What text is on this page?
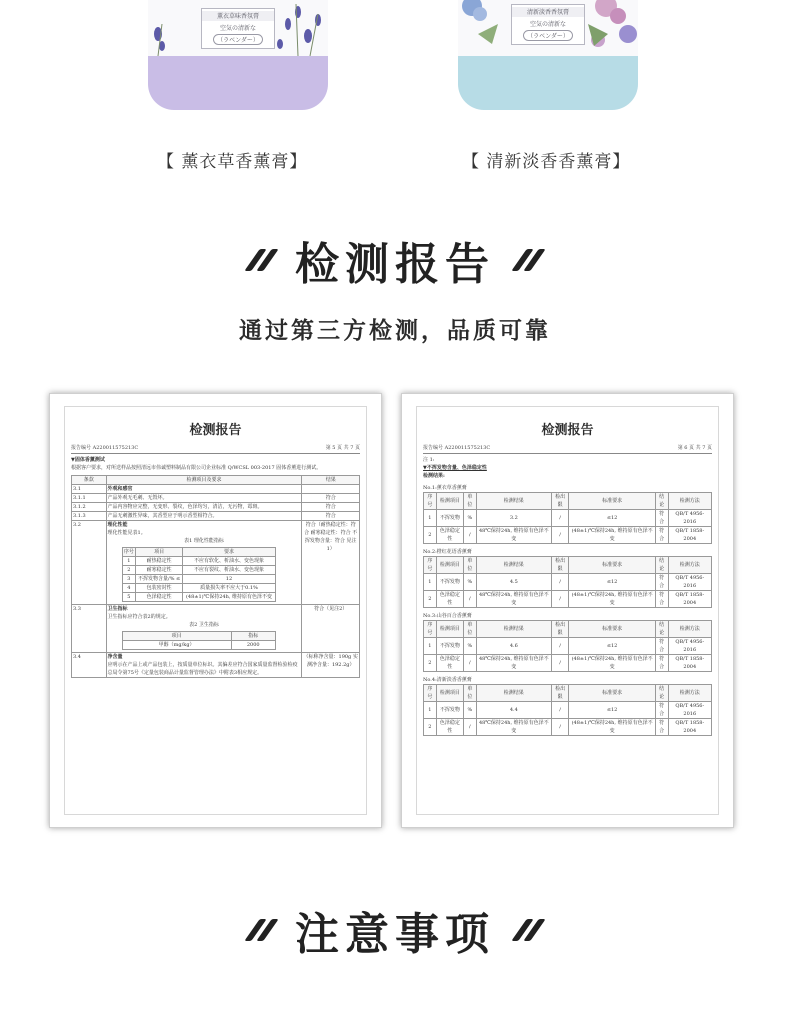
薰衣草味香氛膏
空気の清新な
（ラベンダー）
清新淡香香氛膏
空気の清新な
（ラベンダー）
【 薰衣草香薰膏】	【 清新淡香香薰膏】
检测报告
通过第三方检测，品质可靠
检测报告
报告编号 A220011575213C	第 5 页 共 7 页
▼固体香薰测试
根据客户要求，对所送样品按照清远市伟诚塑料制品有限公司企业标准 Q/WCSL 003-2017 固体香薰进行测试。
条款	检测项目及要求	结果
3.1	外观和感官	
3.1.1	产品外观无毛刺、无毁坏。	符合
3.1.2	产品内容物应完整，无变形、裂纹，色泽均匀，清洁，无污物，霉斑。	符合
3.1.3	产品无刺激性异味，其香型应于明示香型相符合。	符合
3.2	理化性能
理化性能见表1。
表1 理化性能指标
序号	项目	要求
1	耐热稳定性	不应有软化、析油水、变色现象
2	耐寒稳定性	不应有裂纹、析油水、变色现象
3	不挥发物含量/% ≤	12
4	包装密封性	质量损失率不应大于0.1%
5	色泽稳定性	(48±1)℃保持24h, 维持原有色泽不变
	符合（耐热稳定性：符合 耐寒稳定性：符合 不挥发物含量：符合 见注1）
3.3	卫生指标
卫生指标应符合表2的规定。
表2 卫生指标
项目	指标
甲醇（mg/kg）	2000
	符合（见注2）
3.4	净含量
应明示在产品上或产品包装上，按质量单位标识。其偏差应符合国家质量监督检验检疫总局令第75号《定量包装商品计量监督管理办法》中附表3相应规定。
	（标称净含量：190g 实测净含量：192.2g）
检测报告
报告编号 A220011575213C	第 6 页 共 7 页
注 1:
▼不挥发物含量、色泽稳定性
检测结果:
No.1:薰衣草香薰膏
序号	检测项目	单位	检测结果	检出限	标准要求	结论	检测方法
1	不挥发物	%	3.2	/	≤12	符合	QB/T 4956-2016
2	色泽稳定性	/	48℃保持24h, 维持原有色泽不变	/	(48±1)℃保持24h, 维持原有色泽不变	符合	QB/T 1858-2004
No.2:橙红花语香薰膏
序号	检测项目	单位	检测结果	检出限	标准要求	结论	检测方法
1	不挥发物	%	4.5	/	≤12	符合	QB/T 4956-2016
2	色泽稳定性	/	48℃保持24h, 维持原有色泽不变	/	(48±1)℃保持24h, 维持原有色泽不变	符合	QB/T 1858-2004
No.3:山谷百合香薰膏
序号	检测项目	单位	检测结果	检出限	标准要求	结论	检测方法
1	不挥发物	%	4.6	/	≤12	符合	QB/T 4956-2016
2	色泽稳定性	/	48℃保持24h, 维持原有色泽不变	/	(48±1)℃保持24h, 维持原有色泽不变	符合	QB/T 1858-2004
No.4:清新淡香香薰膏
序号	检测项目	单位	检测结果	检出限	标准要求	结论	检测方法
1	不挥发物	%	4.4	/	≤12	符合	QB/T 4956-2016
2	色泽稳定性	/	48℃保持24h, 维持原有色泽不变	/	(48±1)℃保持24h, 维持原有色泽不变	符合	QB/T 1858-2004
注意事项
